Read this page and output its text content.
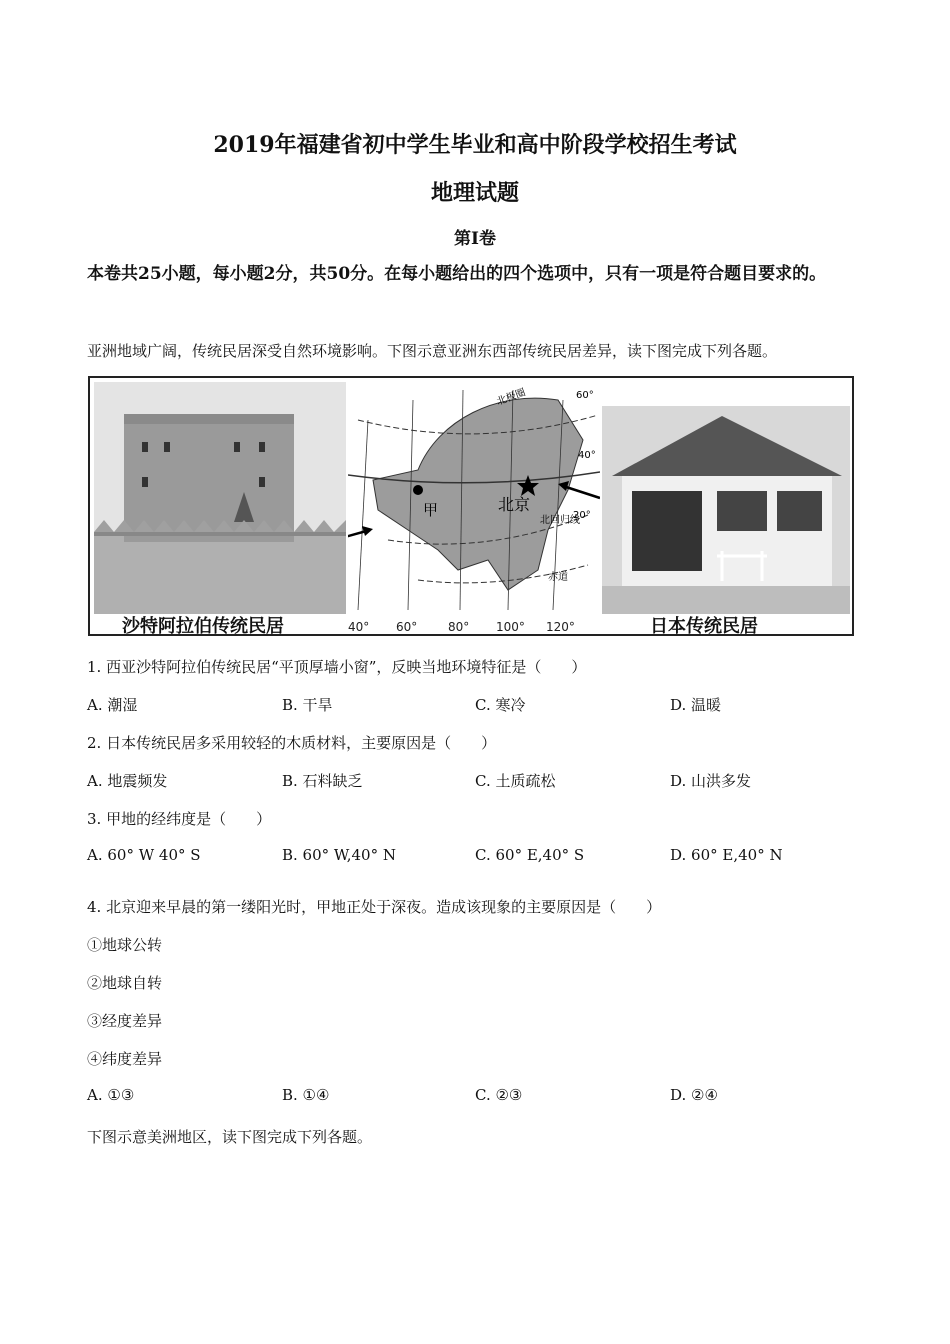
2019年福建省初中学生毕业和高中阶段学校招生考试
地理试题
第I卷
本卷共25小题，每小题2分，共50分。在每小题给出的四个选项中，只有一项是符合题目要求的。
亚洲地域广阔，传统民居深受自然环境影响。下图示意亚洲东西部传统民居差异，读下图完成下列各题。
甲	北京
北极圈
北回归线
赤道
60°
40°
20°
沙特阿拉伯传统民居	日本传统民居
40° 60°	80° 100° 120°
1. 西亚沙特阿拉伯传统民居“平顶厚墙小窗”，反映当地环境特征是（　　）
A. 潮湿	B. 干旱	C. 寒冷	D. 温暖
2. 日本传统民居多采用较轻的木质材料，主要原因是（　　）
A. 地震频发	B. 石料缺乏	C. 土质疏松	D. 山洪多发
3. 甲地的经纬度是（　　）
A. 60° W 40° S	B. 60° W,40° N	C. 60° E,40° S	D. 60° E,40° N
4. 北京迎来早晨的第一缕阳光时，甲地正处于深夜。造成该现象的主要原因是（　　）
①地球公转
②地球自转
③经度差异
④纬度差异
A. ①③	B. ①④	C. ②③	D. ②④
下图示意美洲地区，读下图完成下列各题。
